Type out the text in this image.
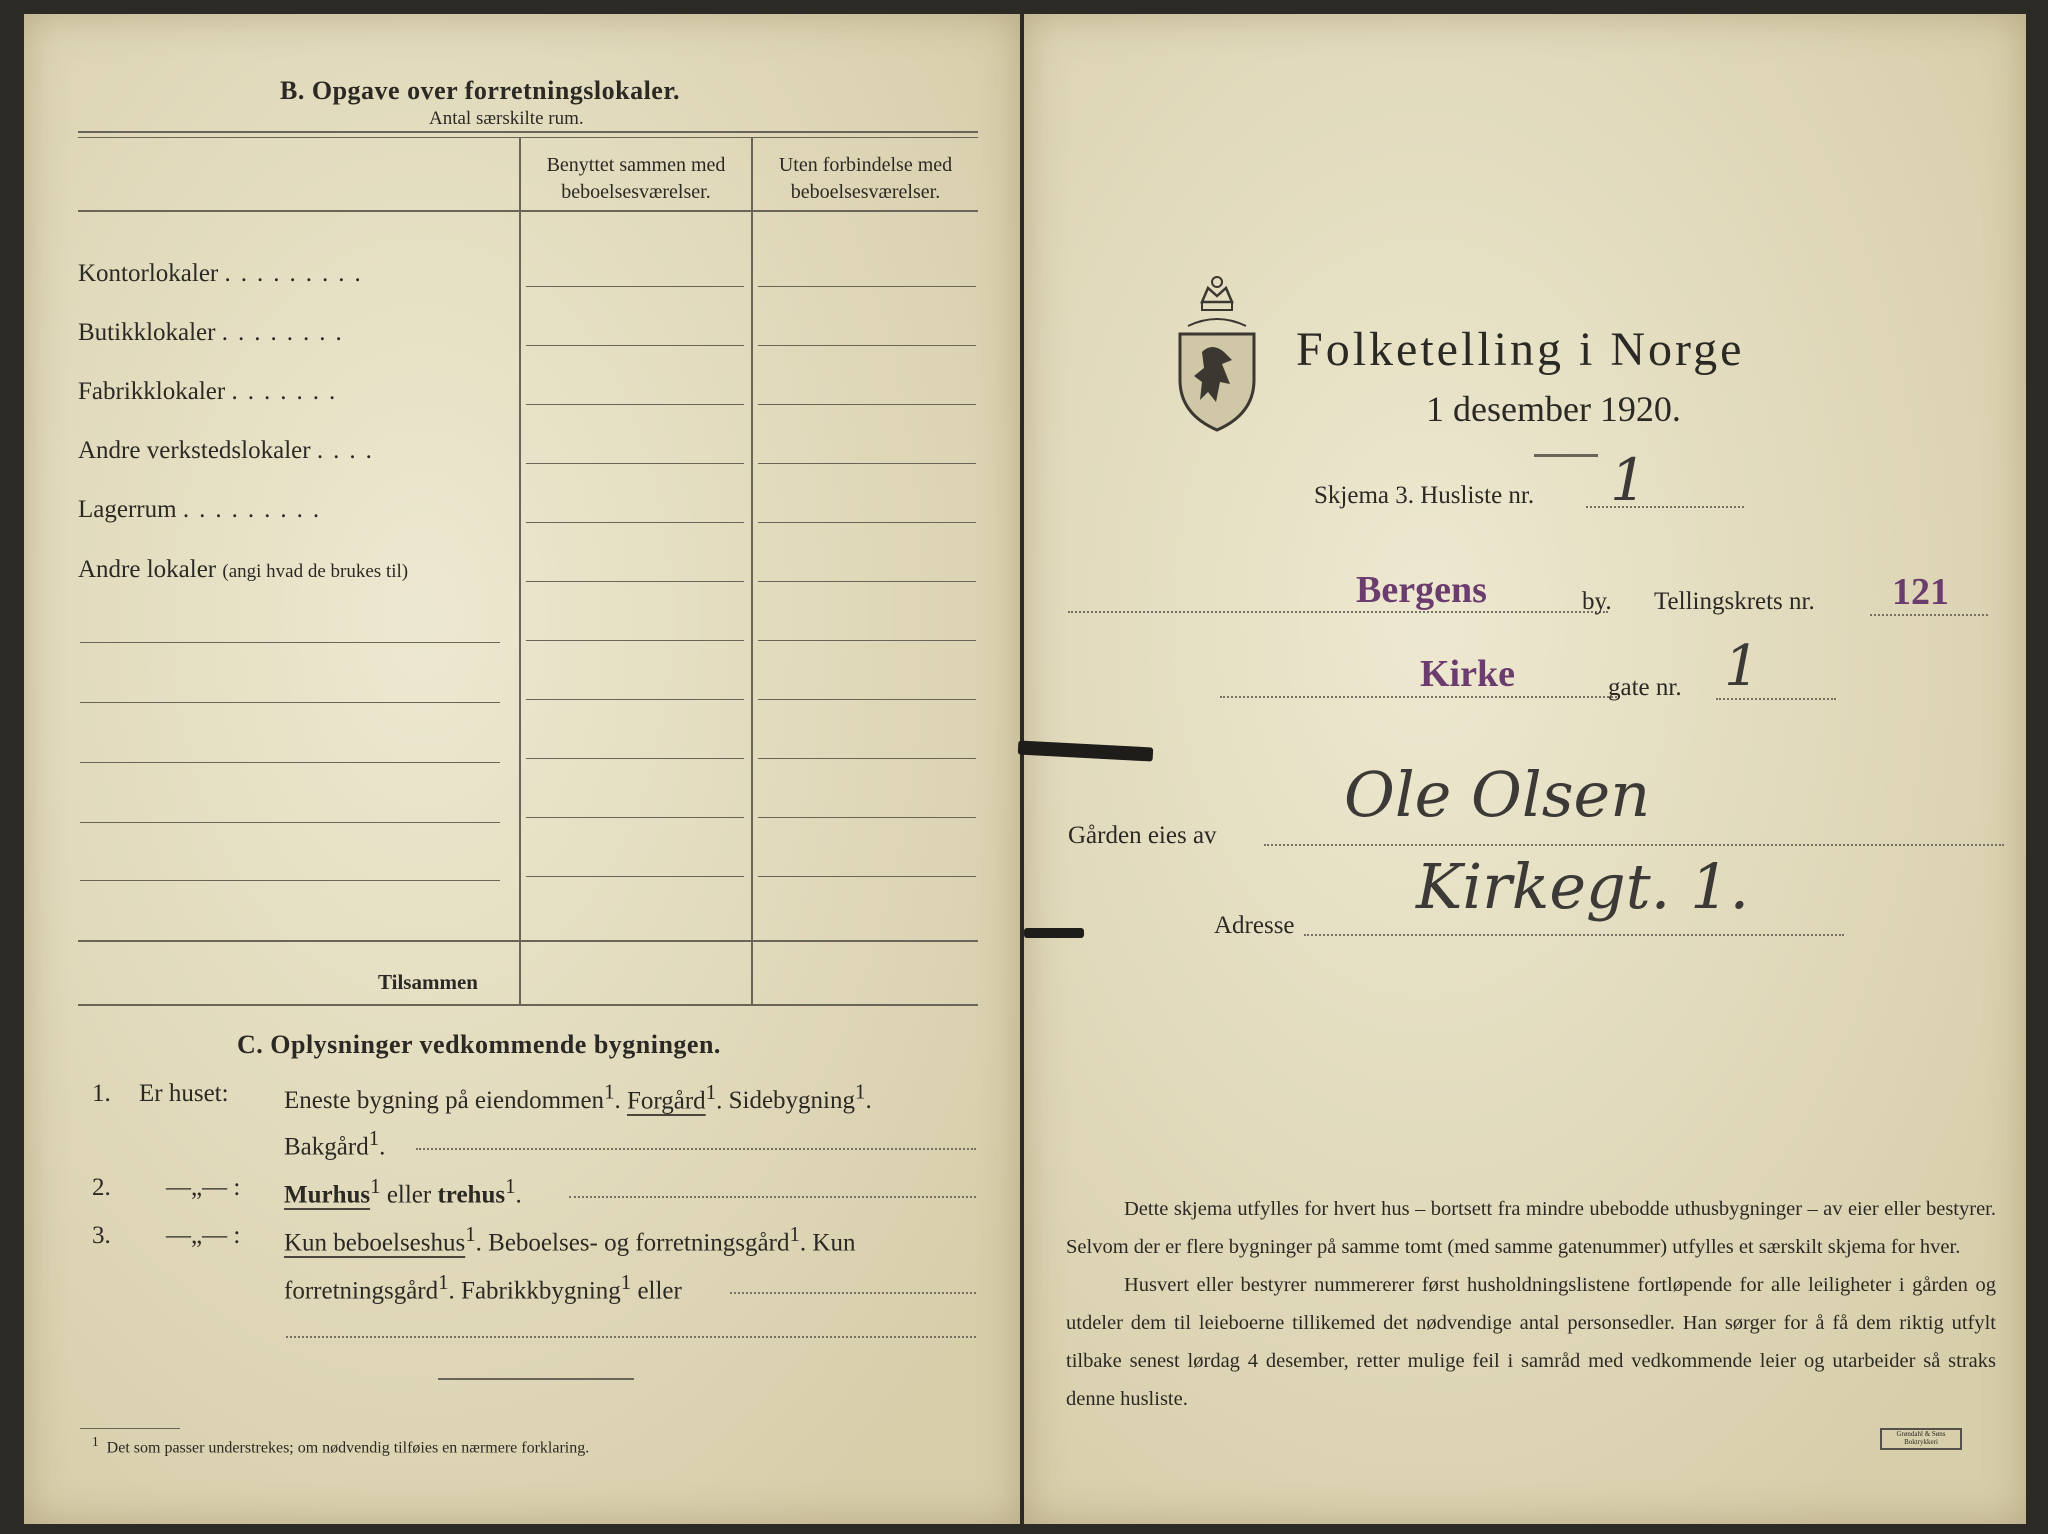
B. Opgave over forretningslokaler.
Antal særskilte rum.
Benyttet sammen med beboelsesværelser.
Uten forbindelse med beboelsesværelser.
Kontorlokaler .........
Butikklokaler ........
Fabrikklokaler .......
Andre verkstedslokaler ....
Lagerrum .........
Andre lokaler (angi hvad de brukes til)
Tilsammen
C. Oplysninger vedkommende bygningen.
1. Er huset: Eneste bygning på eiendommen$^1$. Forgård$^1$. Sidebygning$^1$.
Bakgård$^1$.
2. —„— : Murhus$^1$ eller trehus$^1$.
3. —„— : Kun beboelseshus$^1$. Beboelses- og forretningsgård$^1$. Kun
forretningsgård$^1$. Fabrikkbygning$^1$ eller
$^1$ Det som passer understrekes; om nødvendig tilføies en nærmere forklaring.
Folketelling i Norge
1 desember 1920.
Skjema 3. Husliste nr. 1
Bergens	by. Tellingskrets nr. 121
Kirke	gate nr. 1
Gården eies av
Ole Olsen
Adresse
Kirkegt. 1.

Dette skjema utfylles for hvert hus – bortsett fra mindre ubebodde uthusbygninger – av eier eller bestyrer. Selvom der er flere bygninger på samme tomt (med samme gatenummer) utfylles et særskilt skjema for hver.

Husvert eller bestyrer nummererer først husholdningslistene fortløpende for alle leiligheter i gården og utdeler dem til leieboerne tillikemed det nødvendige antal personsedler. Han sørger for å få dem riktig utfylt tilbake senest lørdag 4 desember, retter mulige feil i samråd med vedkommende leier og utarbeider så straks denne husliste.

Grøndahl & Søns Boktrykkeri
